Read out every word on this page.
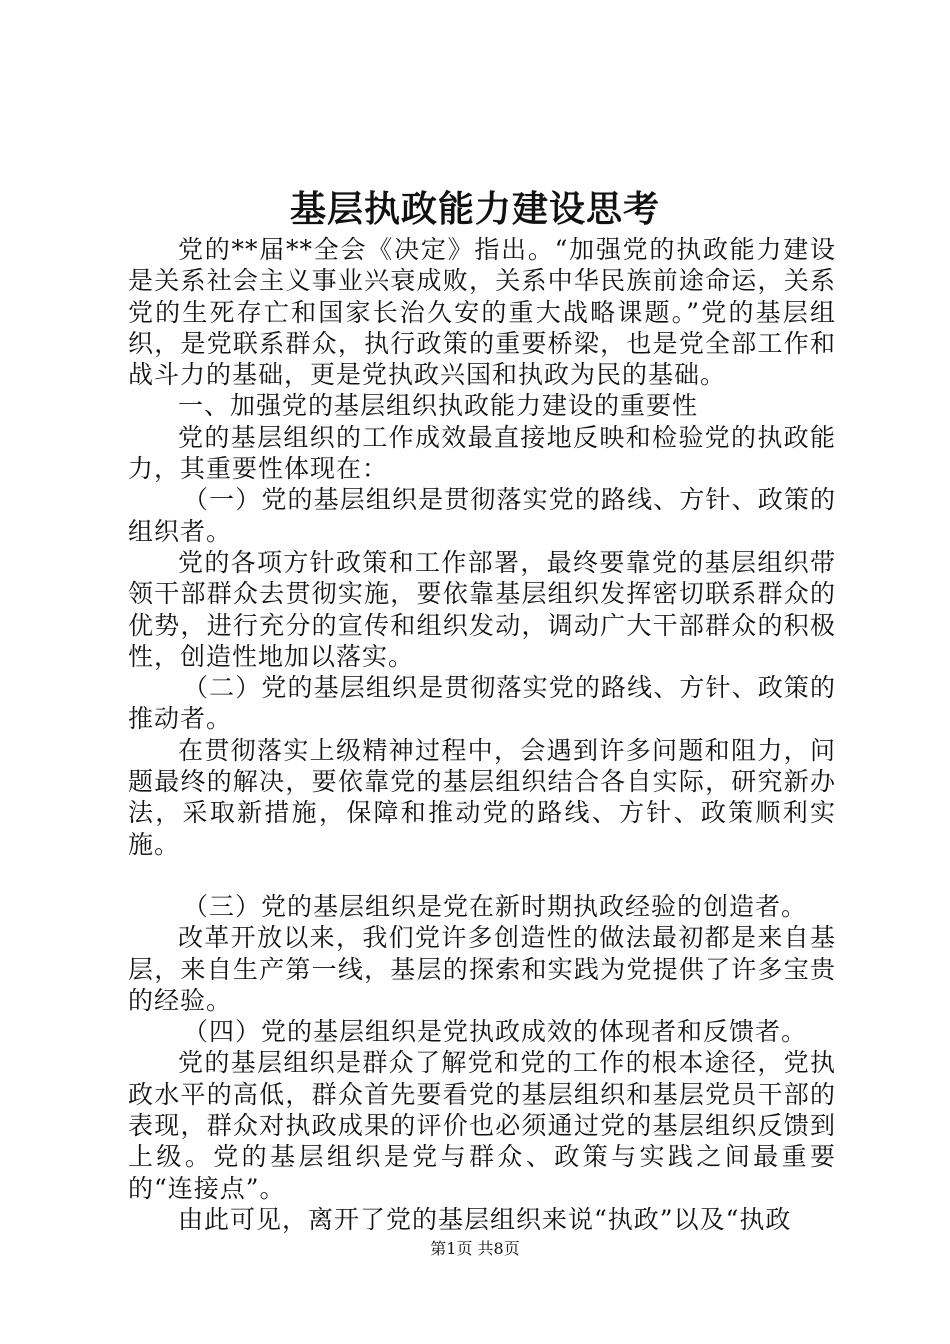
基层执政能力建设思考

党的**届**全会《决定》指出。“加强党的执政能力建设是关系社会主义事业兴衰成败，关系中华民族前途命运，关系党的生死存亡和国家长治久安的重大战略课题。”党的基层组织，是党联系群众，执行政策的重要桥梁，也是党全部工作和战斗力的基础，更是党执政兴国和执政为民的基础。

一、加强党的基层组织执政能力建设的重要性

党的基层组织的工作成效最直接地反映和检验党的执政能力，其重要性体现在：

（一）党的基层组织是贯彻落实党的路线、方针、政策的组织者。

党的各项方针政策和工作部署，最终要靠党的基层组织带领干部群众去贯彻实施，要依靠基层组织发挥密切联系群众的优势，进行充分的宣传和组织发动，调动广大干部群众的积极性，创造性地加以落实。

（二）党的基层组织是贯彻落实党的路线、方针、政策的推动者。

在贯彻落实上级精神过程中，会遇到许多问题和阻力，问题最终的解决，要依靠党的基层组织结合各自实际，研究新办法，采取新措施，保障和推动党的路线、方针、政策顺利实施。

（三）党的基层组织是党在新时期执政经验的创造者。

改革开放以来，我们党许多创造性的做法最初都是来自基层，来自生产第一线，基层的探索和实践为党提供了许多宝贵的经验。

（四）党的基层组织是党执政成效的体现者和反馈者。

党的基层组织是群众了解党和党的工作的根本途径，党执政水平的高低，群众首先要看党的基层组织和基层党员干部的表现，群众对执政成果的评价也必须通过党的基层组织反馈到上级。党的基层组织是党与群众、政策与实践之间最重要的“连接点”。

由此可见，离开了党的基层组织来说“执政”以及“执政

第1页 共8页
